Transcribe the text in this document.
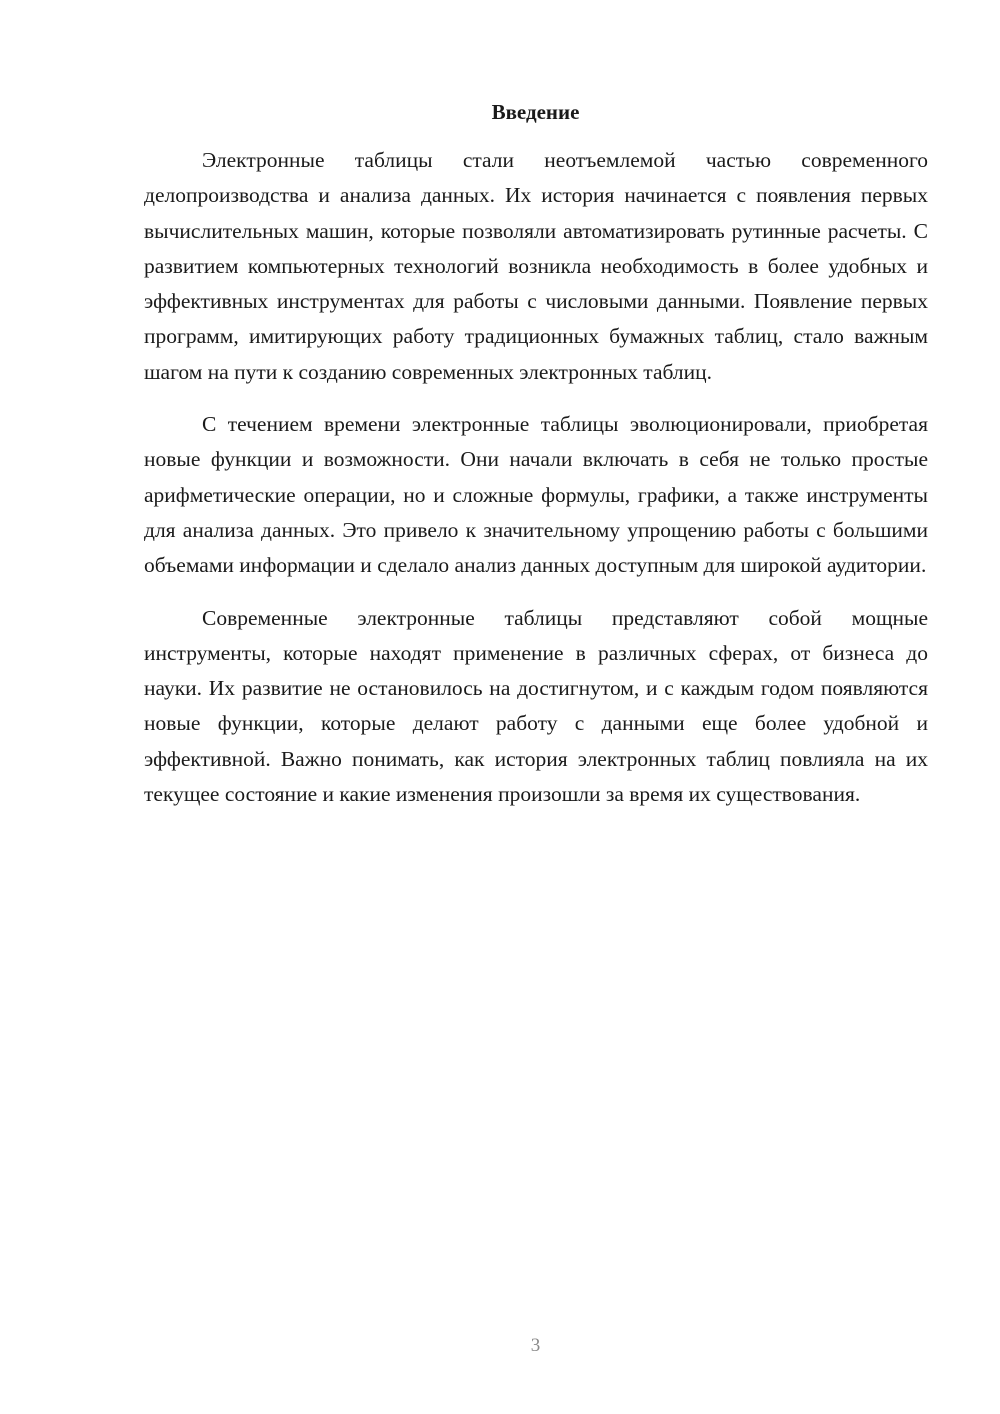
Введение

Электронные таблицы стали неотъемлемой частью современного делопроизводства и анализа данных. Их история начинается с появления первых вычислительных машин, которые позволяли автоматизировать рутинные расчеты. С развитием компьютерных технологий возникла необходимость в более удобных и эффективных инструментах для работы с числовыми данными. Появление первых программ, имитирующих работу традиционных бумажных таблиц, стало важным шагом на пути к созданию современных электронных таблиц.

С течением времени электронные таблицы эволюционировали, приобретая новые функции и возможности. Они начали включать в себя не только простые арифметические операции, но и сложные формулы, графики, а также инструменты для анализа данных. Это привело к значительному упрощению работы с большими объемами информации и сделало анализ данных доступным для широкой аудитории.

Современные электронные таблицы представляют собой мощные инструменты, которые находят применение в различных сферах, от бизнеса до науки. Их развитие не остановилось на достигнутом, и с каждым годом появляются новые функции, которые делают работу с данными еще более удобной и эффективной. Важно понимать, как история электронных таблиц повлияла на их текущее состояние и какие изменения произошли за время их существования.

3
